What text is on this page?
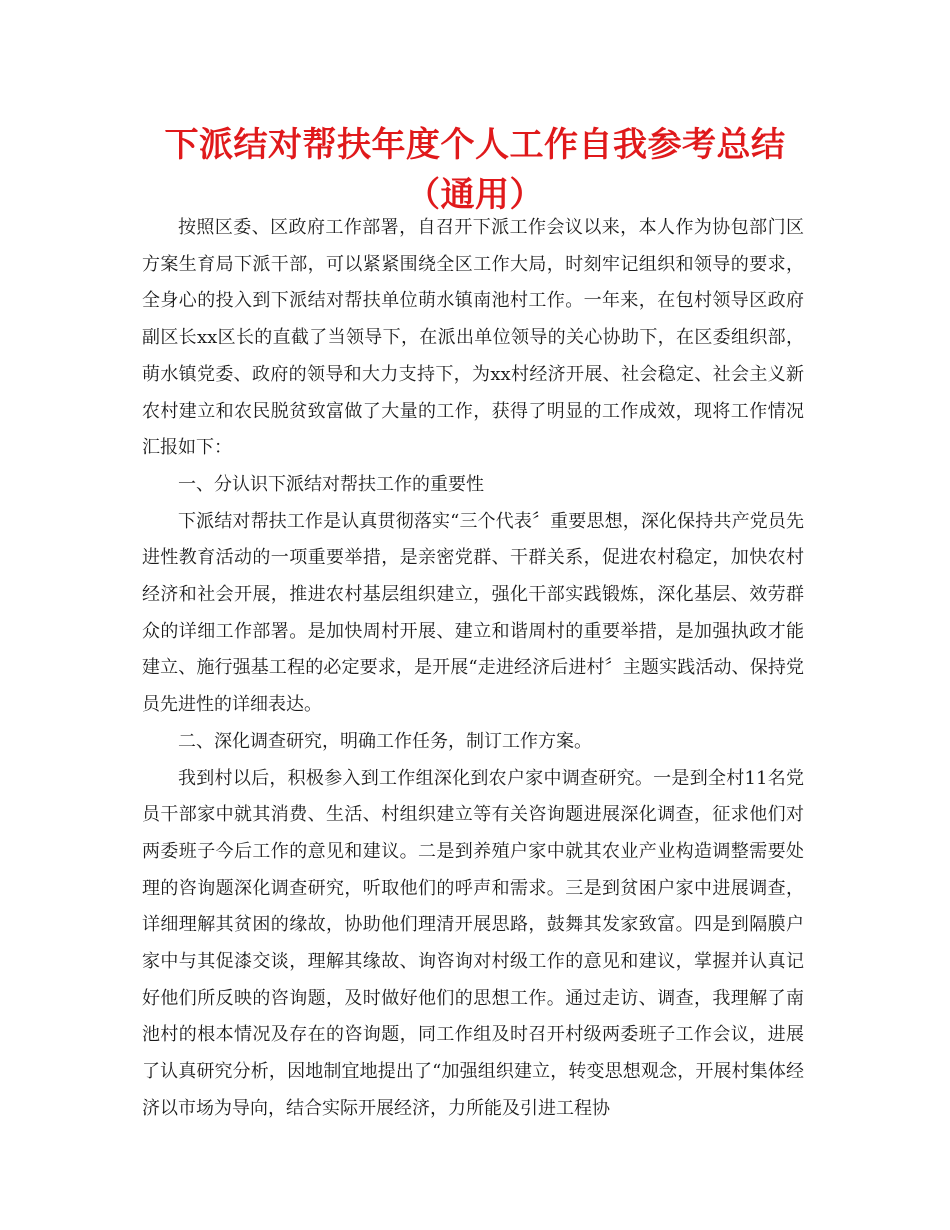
下派结对帮扶年度个人工作自我参考总结（通用）

按照区委、区政府工作部署，自召开下派工作会议以来，本人作为协包部门区方案生育局下派干部，可以紧紧围绕全区工作大局，时刻牢记组织和领导的要求，全身心的投入到下派结对帮扶单位萌水镇南池村工作。一年来，在包村领导区政府副区长xx区长的直截了当领导下，在派出单位领导的关心协助下，在区委组织部，萌水镇党委、政府的领导和大力支持下，为xx村经济开展、社会稳定、社会主义新农村建立和农民脱贫致富做了大量的工作，获得了明显的工作成效，现将工作情况汇报如下：

一、分认识下派结对帮扶工作的重要性

下派结对帮扶工作是认真贯彻落实“三个代表〞重要思想，深化保持共产党员先进性教育活动的一项重要举措，是亲密党群、干群关系，促进农村稳定，加快农村经济和社会开展，推进农村基层组织建立，强化干部实践锻炼，深化基层、效劳群众的详细工作部署。是加快周村开展、建立和谐周村的重要举措，是加强执政才能建立、施行强基工程的必定要求，是开展“走进经济后进村〞主题实践活动、保持党员先进性的详细表达。

二、深化调查研究，明确工作任务，制订工作方案。

我到村以后，积极参入到工作组深化到农户家中调查研究。一是到全村11名党员干部家中就其消费、生活、村组织建立等有关咨询题进展深化调查，征求他们对两委班子今后工作的意见和建议。二是到养殖户家中就其农业产业构造调整需要处理的咨询题深化调查研究，听取他们的呼声和需求。三是到贫困户家中进展调查，详细理解其贫困的缘故，协助他们理清开展思路，鼓舞其发家致富。四是到隔膜户家中与其促漆交谈，理解其缘故、询咨询对村级工作的意见和建议，掌握并认真记好他们所反映的咨询题，及时做好他们的思想工作。通过走访、调查，我理解了南池村的根本情况及存在的咨询题，同工作组及时召开村级两委班子工作会议，进展了认真研究分析，因地制宜地提出了“加强组织建立，转变思想观念，开展村集体经济以市场为导向，结合实际开展经济，力所能及引进工程协
